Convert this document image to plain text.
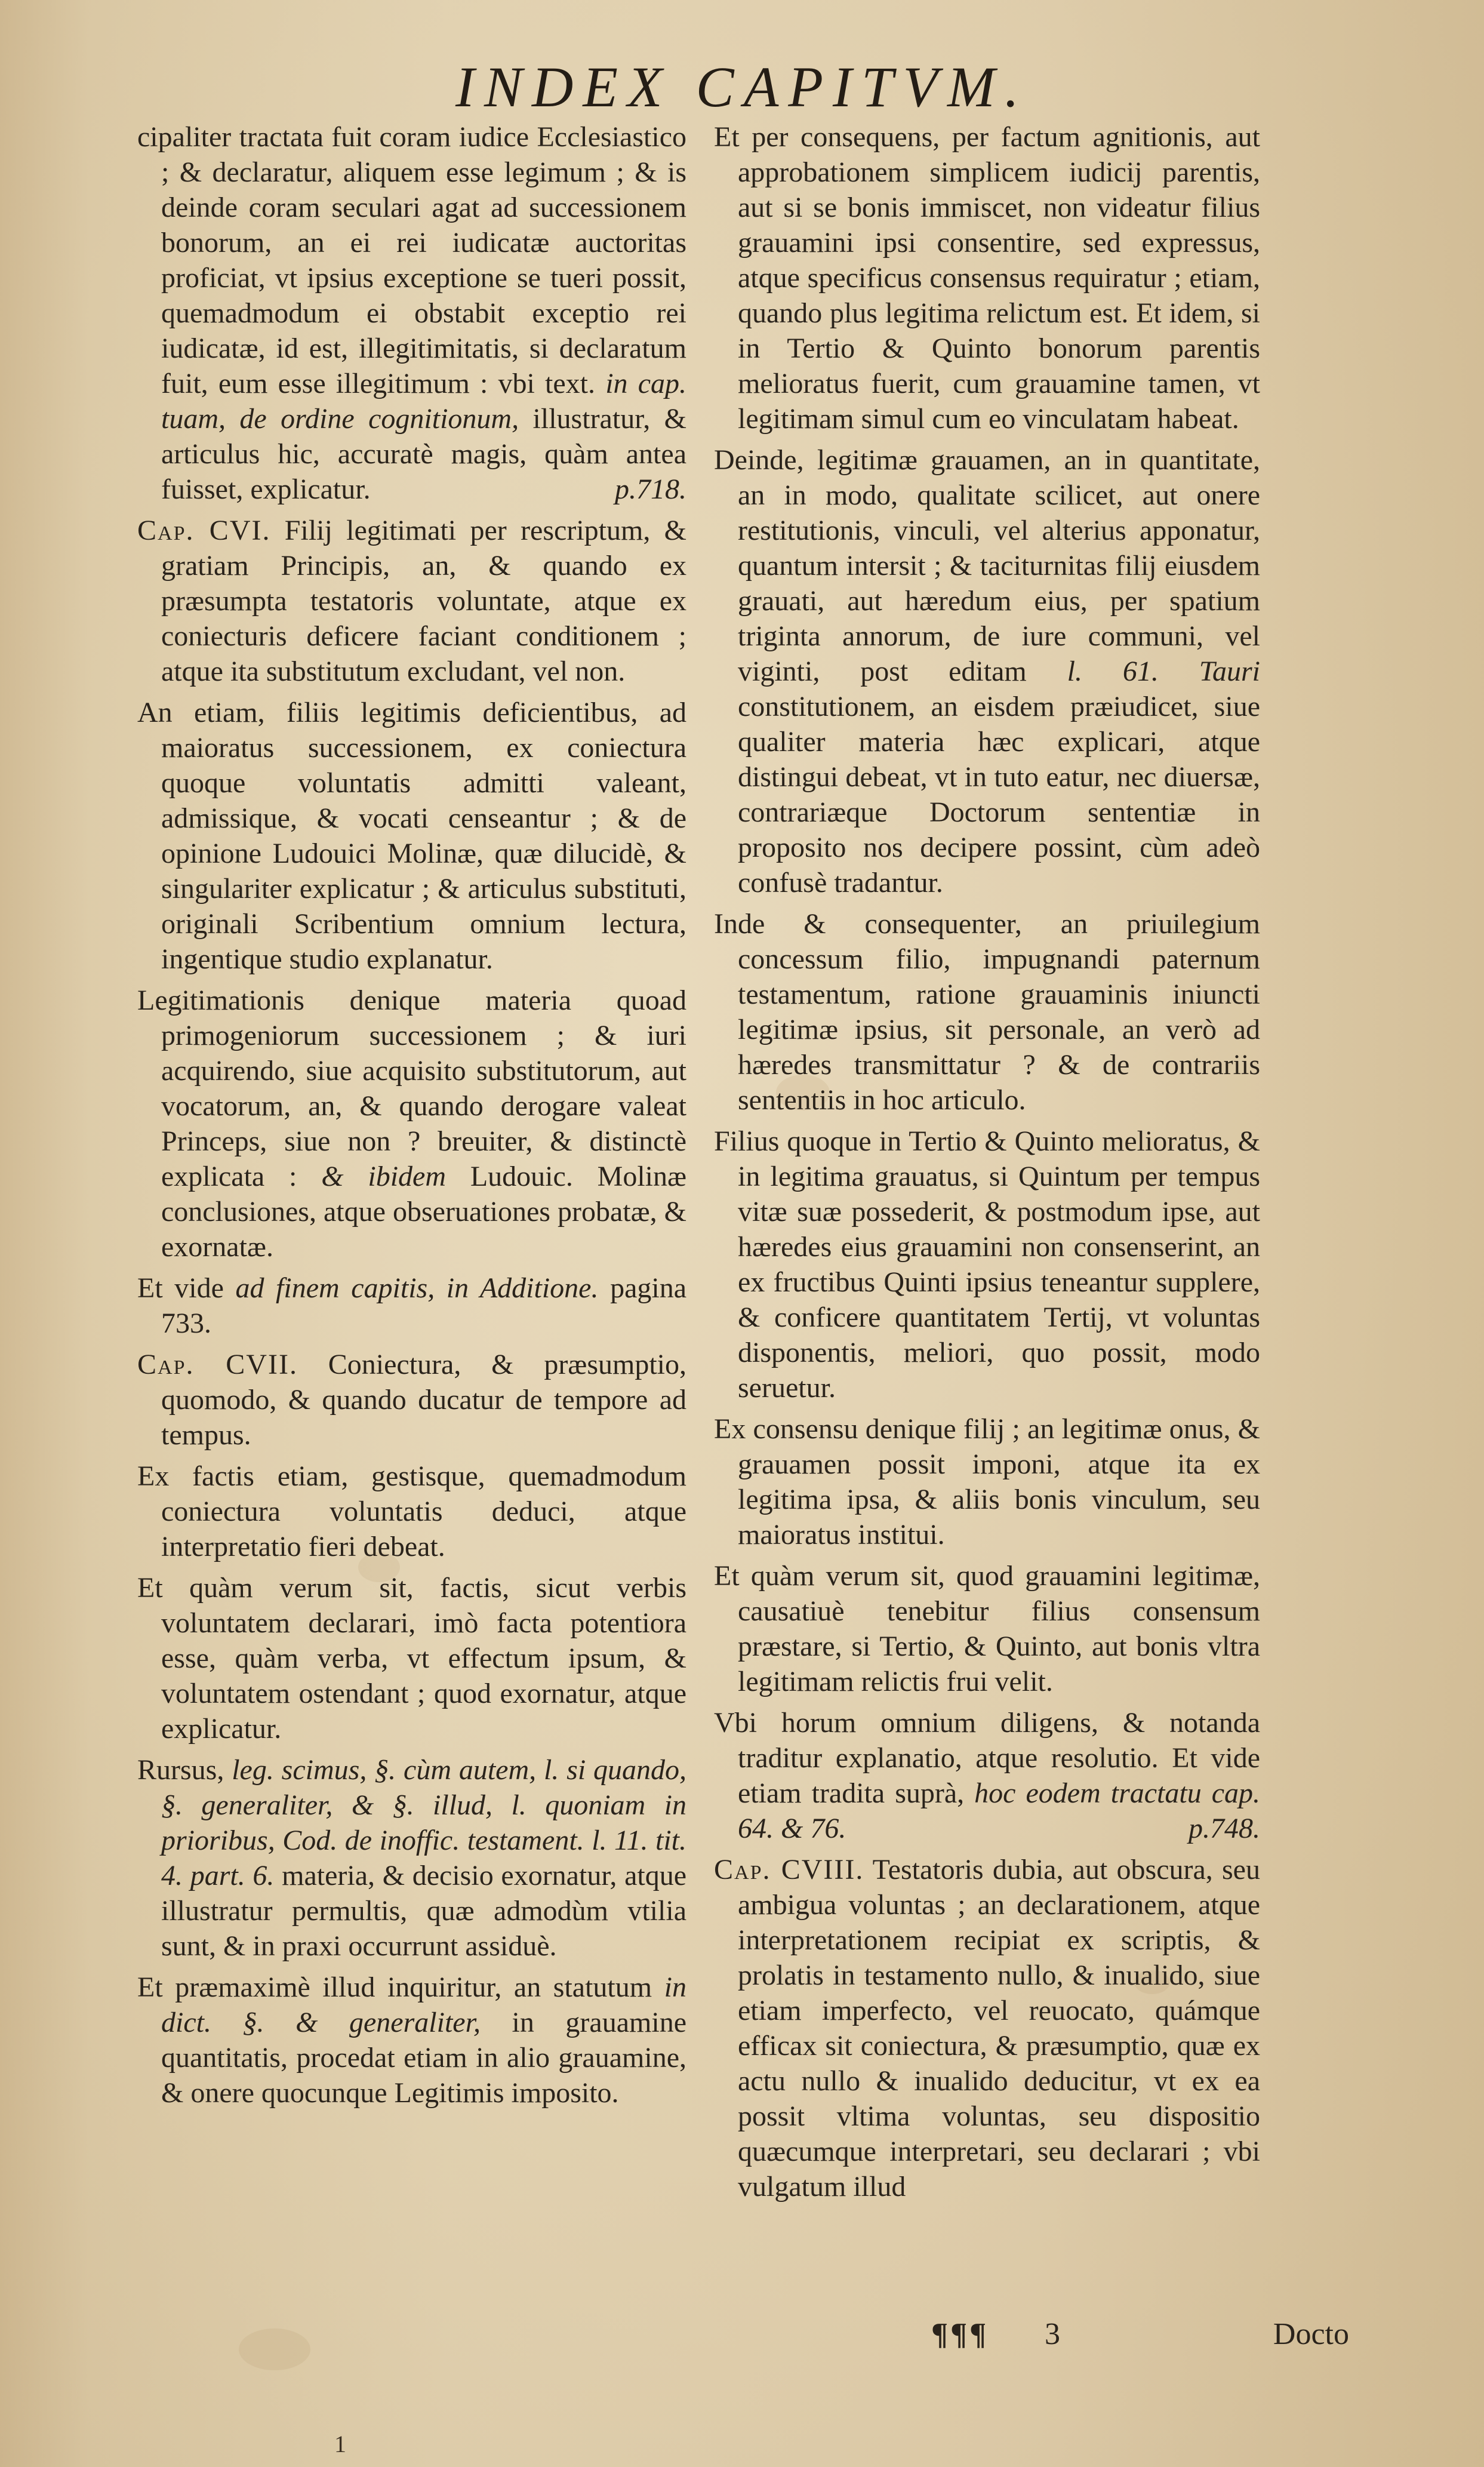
INDEX CAPITVM.

cipaliter tractata fuit coram iudice Ecclesiastico ; & declaratur, aliquem esse legimum ; & is deinde coram seculari agat ad successionem bonorum, an ei rei iudicatæ auctoritas proficiat, vt ipsius exceptione se tueri possit, quemadmodum ei obstabit exceptio rei iudicatæ, id est, illegitimitatis, si declaratum fuit, eum esse illegitimum : vbi text. in cap. tuam, de ordine cognitionum, illustratur, & articulus hic, accuratè magis, quàm antea fuisset, explicatur.	p.718.

Cap. CVI. Filij legitimati per rescriptum, & gratiam Principis, an, & quando ex præsumpta testatoris voluntate, atque ex coniecturis deficere faciant conditionem ; atque ita substitutum excludant, vel non.

An etiam, filiis legitimis deficientibus, ad maioratus successionem, ex coniectura quoque voluntatis admitti valeant, admissique, & vocati censeantur ; & de opinione Ludouici Molinæ, quæ dilucidè, & singulariter explicatur ; & articulus substituti, originali Scribentium omnium lectura, ingentique studio explanatur.

Legitimationis denique materia quoad primogeniorum successionem ; & iuri acquirendo, siue acquisito substitutorum, aut vocatorum, an, & quando derogare valeat Princeps, siue non ? breuiter, & distinctè explicata : & ibidem Ludouic. Molinæ conclusiones, atque obseruationes probatæ, & exornatæ.

Et vide ad finem capitis, in Additione. pagina 733.

Cap. CVII. Coniectura, & præsumptio, quomodo, & quando ducatur de tempore ad tempus.

Ex factis etiam, gestisque, quemadmodum coniectura voluntatis deduci, atque interpretatio fieri debeat.

Et quàm verum sit, factis, sicut verbis voluntatem declarari, imò facta potentiora esse, quàm verba, vt effectum ipsum, & voluntatem ostendant ; quod exornatur, atque explicatur.

Rursus, leg. scimus, §. cùm autem, l. si quando, §. generaliter, & §. illud, l. quoniam in prioribus, Cod. de inoffic. testament. l. 11. tit. 4. part. 6. materia, & decisio exornatur, atque illustratur permultis, quæ admodùm vtilia sunt, & in praxi occurrunt assiduè.

Et præmaximè illud inquiritur, an statutum in dict. §. & generaliter, in grauamine quantitatis, procedat etiam in alio grauamine, & onere quocunque Legitimis imposito.

Et per consequens, per factum agnitionis, aut approbationem simplicem iudicij parentis, aut si se bonis immiscet, non videatur filius grauamini ipsi consentire, sed expressus, atque specificus consensus requiratur ; etiam, quando plus legitima relictum est. Et idem, si in Tertio & Quinto bonorum parentis melioratus fuerit, cum grauamine tamen, vt legitimam simul cum eo vinculatam habeat.

Deinde, legitimæ grauamen, an in quantitate, an in modo, qualitate scilicet, aut onere restitutionis, vinculi, vel alterius apponatur, quantum intersit ; & taciturnitas filij eiusdem grauati, aut hæredum eius, per spatium triginta annorum, de iure communi, vel viginti, post editam l. 61. Tauri constitutionem, an eisdem præiudicet, siue qualiter materia hæc explicari, atque distingui debeat, vt in tuto eatur, nec diuersæ, contrariæque Doctorum sententiæ in proposito nos decipere possint, cùm adeò confusè tradantur.

Inde & consequenter, an priuilegium concessum filio, impugnandi paternum testamentum, ratione grauaminis iniuncti legitimæ ipsius, sit personale, an verò ad hæredes transmittatur ? & de contrariis sententiis in hoc articulo.

Filius quoque in Tertio & Quinto melioratus, & in legitima grauatus, si Quintum per tempus vitæ suæ possederit, & postmodum ipse, aut hæredes eius grauamini non consenserint, an ex fructibus Quinti ipsius teneantur supplere, & conficere quantitatem Tertij, vt voluntas disponentis, meliori, quo possit, modo seruetur.

Ex consensu denique filij ; an legitimæ onus, & grauamen possit imponi, atque ita ex legitima ipsa, & aliis bonis vinculum, seu maioratus institui.

Et quàm verum sit, quod grauamini legitimæ, causatiuè tenebitur filius consensum præstare, si Tertio, & Quinto, aut bonis vltra legitimam relictis frui velit.

Vbi horum omnium diligens, & notanda traditur explanatio, atque resolutio. Et vide etiam tradita suprà, hoc eodem tractatu cap. 64. & 76.	p.748.

Cap. CVIII. Testatoris dubia, aut obscura, seu ambigua voluntas ; an declarationem, atque interpretationem recipiat ex scriptis, & prolatis in testamento nullo, & inualido, siue etiam imperfecto, vel reuocato, quámque efficax sit coniectura, & præsumptio, quæ ex actu nullo & inualido deducitur, vt ex ea possit vltima voluntas, seu dispositio quæcumque interpretari, seu declarari ; vbi vulgatum illud

¶¶¶ 3	Docto
1
